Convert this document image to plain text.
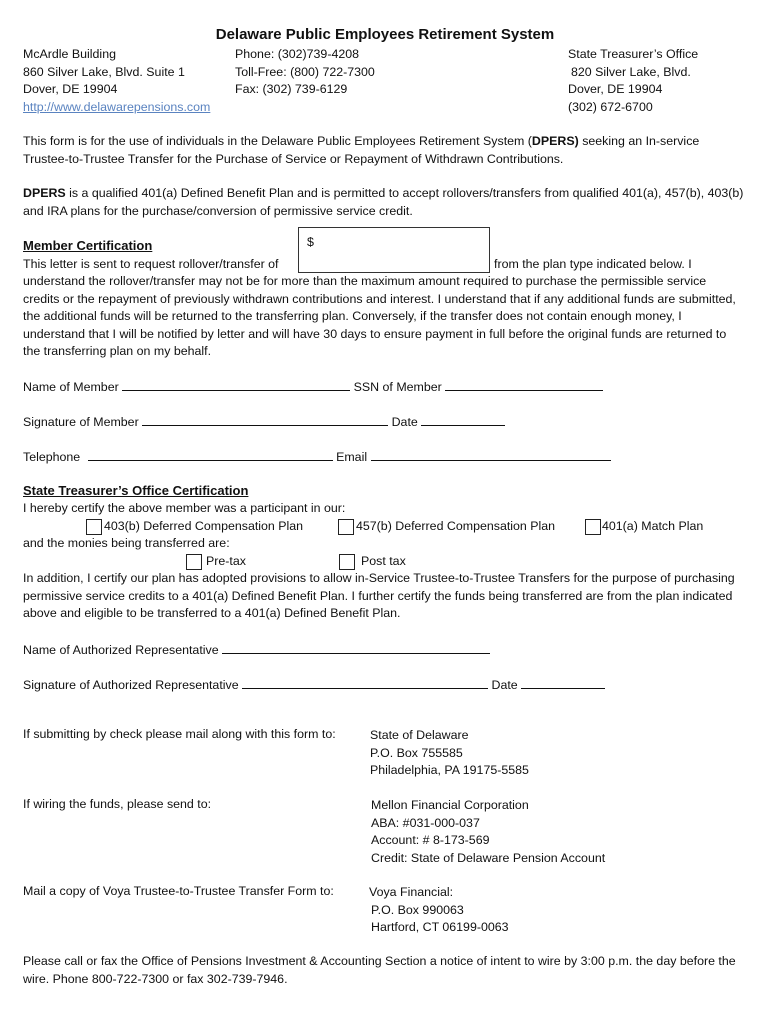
Delaware Public Employees Retirement System
McArdle Building
860 Silver Lake, Blvd. Suite 1
Dover, DE 19904
http://www.delawarepensions.com
Phone: (302)739-4208
Toll-Free: (800) 722-7300
Fax: (302) 739-6129
State Treasurer’s Office
820 Silver Lake, Blvd.
Dover, DE 19904
(302) 672-6700
This form is for the use of individuals in the Delaware Public Employees Retirement System (DPERS) seeking an In-service Trustee-to-Trustee Transfer for the Purchase of Service or Repayment of Withdrawn Contributions.
DPERS is a qualified 401(a) Defined Benefit Plan and is permitted to accept rollovers/transfers from qualified 401(a), 457(b), 403(b) and IRA plans for the purchase/conversion of permissive service credit.
Member Certification	$
This letter is sent to request rollover/transfer of	from the plan type indicated below. I
understand the rollover/transfer may not be for more than the maximum amount required to purchase the permissible service credits or the repayment of previously withdrawn contributions and interest. I understand that if any additional funds are submitted, the additional funds will be returned to the transferring plan. Conversely, if the transfer does not contain enough money, I understand that I will be notified by letter and will have 30 days to ensure payment in full before the original funds are returned to the transferring plan on my behalf.
Name of Member	SSN of Member
Signature of Member	Date
Telephone	Email
State Treasurer’s Office Certification
I hereby certify the above member was a participant in our:
403(b) Deferred Compensation Plan	457(b) Deferred Compensation Plan	401(a) Match Plan
and the monies being transferred are:
Pre-tax	Post tax
In addition, I certify our plan has adopted provisions to allow in-Service Trustee-to-Trustee Transfers for the purpose of purchasing permissive service credits to a 401(a) Defined Benefit Plan. I further certify the funds being transferred are from the plan indicated above and eligible to be transferred to a 401(a) Defined Benefit Plan.
Name of Authorized Representative
Signature of Authorized Representative	Date
If submitting by check please mail along with this form to:	State of Delaware
P.O. Box 755585
Philadelphia, PA 19175-5585
If wiring the funds, please send to:	Mellon Financial Corporation
ABA: #031-000-037
Account: # 8-173-569
Credit: State of Delaware Pension Account
Mail a copy of Voya Trustee-to-Trustee Transfer Form to:	Voya Financial:
P.O. Box 990063
Hartford, CT 06199-0063
Please call or fax the Office of Pensions Investment & Accounting Section a notice of intent to wire by 3:00 p.m. the day before the wire. Phone 800-722-7300 or fax 302-739-7946.
